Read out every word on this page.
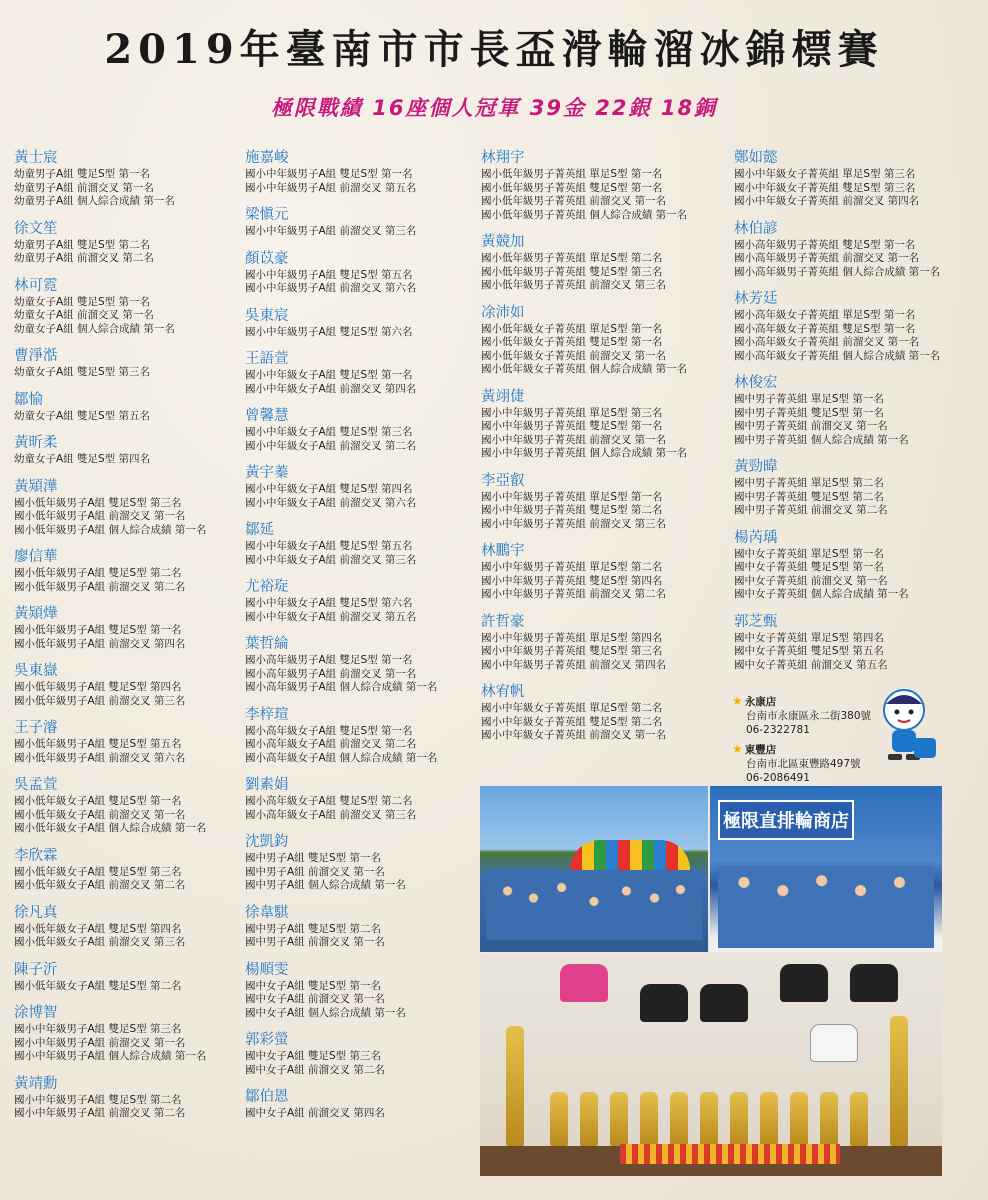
2019年臺南市市長盃滑輪溜冰錦標賽
極限戰績 16座個人冠軍 39金 22銀 18銅
黃士宸
幼童男子A組 雙足S型 第一名
幼童男子A組 前溜交叉 第一名
幼童男子A組 個人綜合成績 第一名
徐文笙
幼童男子A組 雙足S型 第二名
幼童男子A組 前溜交叉 第二名
林可霓
幼童女子A組 雙足S型 第一名
幼童女子A組 前溜交叉 第一名
幼童女子A組 個人綜合成績 第一名
曹淨湉
幼童女子A組 雙足S型 第三名
鄒愉
幼童女子A組 雙足S型 第五名
黃昕柔
幼童女子A組 雙足S型 第四名
黃熲澕
國小低年級男子A組 雙足S型 第三名
國小低年級男子A組 前溜交叉 第一名
國小低年級男子A組 個人綜合成績 第一名
廖信華
國小低年級男子A組 雙足S型 第二名
國小低年級男子A組 前溜交叉 第二名
黃熲燁
國小低年級男子A組 雙足S型 第一名
國小低年級男子A組 前溜交叉 第四名
吳東嶽
國小低年級男子A組 雙足S型 第四名
國小低年級男子A組 前溜交叉 第三名
王子濬
國小低年級男子A組 雙足S型 第五名
國小低年級男子A組 前溜交叉 第六名
吳孟萱
國小低年級女子A組 雙足S型 第一名
國小低年級女子A組 前溜交叉 第一名
國小低年級女子A組 個人綜合成績 第一名
李欣霖
國小低年級女子A組 雙足S型 第三名
國小低年級女子A組 前溜交叉 第二名
徐凡真
國小低年級女子A組 雙足S型 第四名
國小低年級女子A組 前溜交叉 第三名
陳子沂
國小低年級女子A組 雙足S型 第二名
涂博智
國小中年級男子A組 雙足S型 第三名
國小中年級男子A組 前溜交叉 第一名
國小中年級男子A組 個人綜合成績 第一名
黃靖勳
國小中年級男子A組 雙足S型 第二名
國小中年級男子A組 前溜交叉 第二名
施嘉峻
國小中年級男子A組 雙足S型 第一名
國小中年級男子A組 前溜交叉 第五名
梁愼元
國小中年級男子A組 前溜交叉 第三名
顏苡豪
國小中年級男子A組 雙足S型 第五名
國小中年級男子A組 前溜交叉 第六名
吳東宸
國小中年級男子A組 雙足S型 第六名
王語萱
國小中年級女子A組 雙足S型 第一名
國小中年級女子A組 前溜交叉 第四名
曾馨慧
國小中年級女子A組 雙足S型 第三名
國小中年級女子A組 前溜交叉 第二名
黃宇蓁
國小中年級女子A組 雙足S型 第四名
國小中年級女子A組 前溜交叉 第六名
鄒延
國小中年級女子A組 雙足S型 第五名
國小中年級女子A組 前溜交叉 第三名
尤裕琁
國小中年級女子A組 雙足S型 第六名
國小中年級女子A組 前溜交叉 第五名
葉哲綸
國小高年級男子A組 雙足S型 第一名
國小高年級男子A組 前溜交叉 第一名
國小高年級男子A組 個人綜合成績 第一名
李梓瑄
國小高年級女子A組 雙足S型 第一名
國小高年級女子A組 前溜交叉 第二名
國小高年級女子A組 個人綜合成績 第一名
劉素娟
國小高年級女子A組 雙足S型 第二名
國小高年級女子A組 前溜交叉 第三名
沈凱鈞
國中男子A組 雙足S型 第一名
國中男子A組 前溜交叉 第一名
國中男子A組 個人綜合成績 第一名
徐韋騏
國中男子A組 雙足S型 第二名
國中男子A組 前溜交叉 第一名
楊順雯
國中女子A組 雙足S型 第一名
國中女子A組 前溜交叉 第一名
國中女子A組 個人綜合成績 第一名
郭彩螢
國中女子A組 雙足S型 第三名
國中女子A組 前溜交叉 第二名
鄒伯恩
國中女子A組 前溜交叉 第四名
林翔宇
國小低年級男子菁英組 單足S型 第一名
國小低年級男子菁英組 雙足S型 第一名
國小低年級男子菁英組 前溜交叉 第一名
國小低年級男子菁英組 個人綜合成績 第一名
黃競加
國小低年級男子菁英組 單足S型 第二名
國小低年級男子菁英組 雙足S型 第三名
國小低年級男子菁英組 前溜交叉 第三名
凃沛如
國小低年級女子菁英組 單足S型 第一名
國小低年級女子菁英組 雙足S型 第一名
國小低年級女子菁英組 前溜交叉 第一名
國小低年級女子菁英組 個人綜合成績 第一名
黃翊倢
國小中年級男子菁英組 單足S型 第三名
國小中年級男子菁英組 雙足S型 第一名
國小中年級男子菁英組 前溜交叉 第一名
國小中年級男子菁英組 個人綜合成績 第一名
李亞叡
國小中年級男子菁英組 單足S型 第一名
國小中年級男子菁英組 雙足S型 第二名
國小中年級男子菁英組 前溜交叉 第三名
林鵬宇
國小中年級男子菁英組 單足S型 第二名
國小中年級男子菁英組 雙足S型 第四名
國小中年級男子菁英組 前溜交叉 第二名
許哲豪
國小中年級男子菁英組 單足S型 第四名
國小中年級男子菁英組 雙足S型 第三名
國小中年級男子菁英組 前溜交叉 第四名
林宥帆
國小中年級女子菁英組 單足S型 第二名
國小中年級女子菁英組 雙足S型 第二名
國小中年級女子菁英組 前溜交叉 第一名
鄭如懿
國小中年級女子菁英組 單足S型 第三名
國小中年級女子菁英組 雙足S型 第三名
國小中年級女子菁英組 前溜交叉 第四名
林伯諺
國小高年級男子菁英組 雙足S型 第一名
國小高年級男子菁英組 前溜交叉 第一名
國小高年級男子菁英組 個人綜合成績 第一名
林芳廷
國小高年級女子菁英組 單足S型 第一名
國小高年級女子菁英組 雙足S型 第一名
國小高年級女子菁英組 前溜交叉 第一名
國小高年級女子菁英組 個人綜合成績 第一名
林俊宏
國中男子菁英組 單足S型 第一名
國中男子菁英組 雙足S型 第一名
國中男子菁英組 前溜交叉 第一名
國中男子菁英組 個人綜合成績 第一名
黃勁暐
國中男子菁英組 單足S型 第二名
國中男子菁英組 雙足S型 第二名
國中男子菁英組 前溜交叉 第二名
楊芮瑀
國中女子菁英組 單足S型 第一名
國中女子菁英組 雙足S型 第一名
國中女子菁英組 前溜交叉 第一名
國中女子菁英組 個人綜合成績 第一名
郭芝甄
國中女子菁英組 單足S型 第四名
國中女子菁英組 雙足S型 第五名
國中女子菁英組 前溜交叉 第五名
★ 永康店
台南市永康區永二街380號
06-2322781
★ 東豐店
台南市北區東豐路497號
06-2086491
極限直排輪商店
